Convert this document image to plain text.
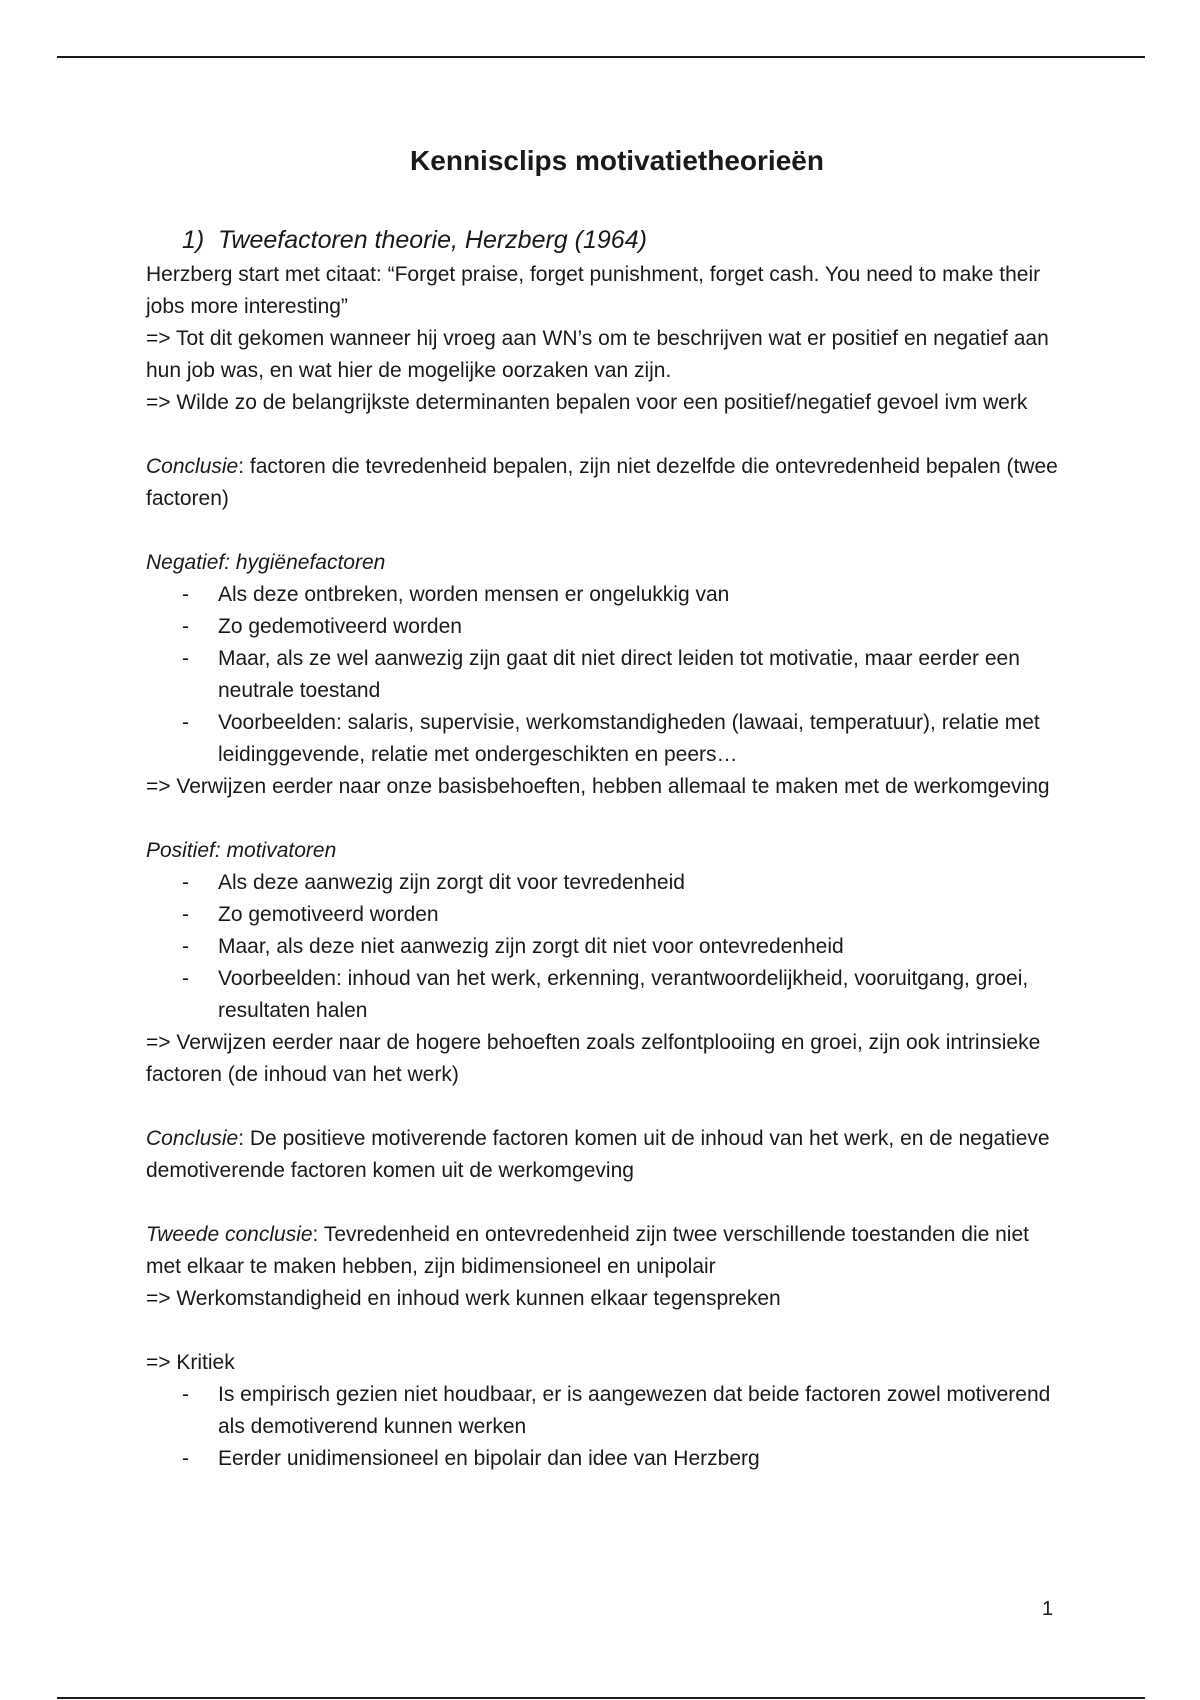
Kennisclips motivatietheorieën
1) Tweefactoren theorie, Herzberg (1964)

Herzberg start met citaat: “Forget praise, forget punishment, forget cash. You need to make their jobs more interesting”

=> Tot dit gekomen wanneer hij vroeg aan WN’s om te beschrijven wat er positief en negatief aan hun job was, en wat hier de mogelijke oorzaken van zijn.

=> Wilde zo de belangrijkste determinanten bepalen voor een positief/negatief gevoel ivm werk

Conclusie: factoren die tevredenheid bepalen, zijn niet dezelfde die ontevredenheid bepalen (twee factoren)

Negatief: hygiënefactoren

- Als deze ontbreken, worden mensen er ongelukkig van
- Zo gedemotiveerd worden
- Maar, als ze wel aanwezig zijn gaat dit niet direct leiden tot motivatie, maar eerder een neutrale toestand
- Voorbeelden: salaris, supervisie, werkomstandigheden (lawaai, temperatuur), relatie met leidinggevende, relatie met ondergeschikten en peers…

=> Verwijzen eerder naar onze basisbehoeften, hebben allemaal te maken met de werkomgeving

Positief: motivatoren

- Als deze aanwezig zijn zorgt dit voor tevredenheid
- Zo gemotiveerd worden
- Maar, als deze niet aanwezig zijn zorgt dit niet voor ontevredenheid
- Voorbeelden: inhoud van het werk, erkenning, verantwoordelijkheid, vooruitgang, groei, resultaten halen

=> Verwijzen eerder naar de hogere behoeften zoals zelfontplooiing en groei, zijn ook intrinsieke factoren (de inhoud van het werk)

Conclusie: De positieve motiverende factoren komen uit de inhoud van het werk, en de negatieve demotiverende factoren komen uit de werkomgeving

Tweede conclusie: Tevredenheid en ontevredenheid zijn twee verschillende toestanden die niet met elkaar te maken hebben, zijn bidimensioneel en unipolair

=> Werkomstandigheid en inhoud werk kunnen elkaar tegenspreken

=> Kritiek

- Is empirisch gezien niet houdbaar, er is aangewezen dat beide factoren zowel motiverend als demotiverend kunnen werken
- Eerder unidimensioneel en bipolair dan idee van Herzberg
1
